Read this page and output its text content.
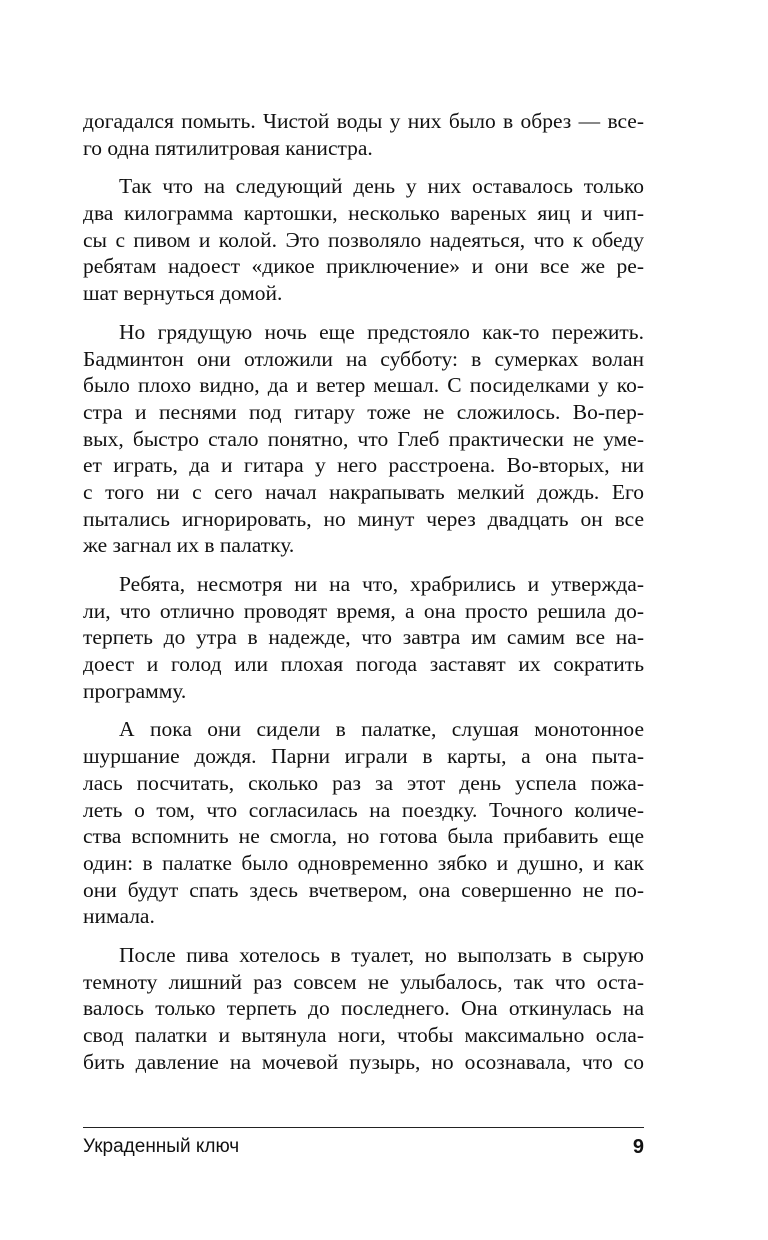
догадался помыть. Чистой воды у них было в обрез — все-
го одна пятилитровая канистра.
Так что на следующий день у них оставалось только
два килограмма картошки, несколько вареных яиц и чип-
сы с пивом и колой. Это позволяло надеяться, что к обеду
ребятам надоест «дикое приключение» и они все же ре-
шат вернуться домой.
Но грядущую ночь еще предстояло как-то пережить.
Бадминтон они отложили на субботу: в сумерках волан
было плохо видно, да и ветер мешал. С посиделками у ко-
стра и песнями под гитару тоже не сложилось. Во-пер-
вых, быстро стало понятно, что Глеб практически не уме-
ет играть, да и гитара у него расстроена. Во-вторых, ни
с того ни с сего начал накрапывать мелкий дождь. Его
пытались игнорировать, но минут через двадцать он все
же загнал их в палатку.
Ребята, несмотря ни на что, храбрились и утвержда-
ли, что отлично проводят время, а она просто решила до-
терпеть до утра в надежде, что завтра им самим все на-
доест и голод или плохая погода заставят их сократить
программу.
А пока они сидели в палатке, слушая монотонное
шуршание дождя. Парни играли в карты, а она пыта-
лась посчитать, сколько раз за этот день успела пожа-
леть о том, что согласилась на поездку. Точного количе-
ства вспомнить не смогла, но готова была прибавить еще
один: в палатке было одновременно зябко и душно, и как
они будут спать здесь вчетвером, она совершенно не по-
нимала.
После пива хотелось в туалет, но выползать в сырую
темноту лишний раз совсем не улыбалось, так что оста-
валось только терпеть до последнего. Она откинулась на
свод палатки и вытянула ноги, чтобы максимально осла-
бить давление на мочевой пузырь, но осознавала, что со
Украденный ключ	9
